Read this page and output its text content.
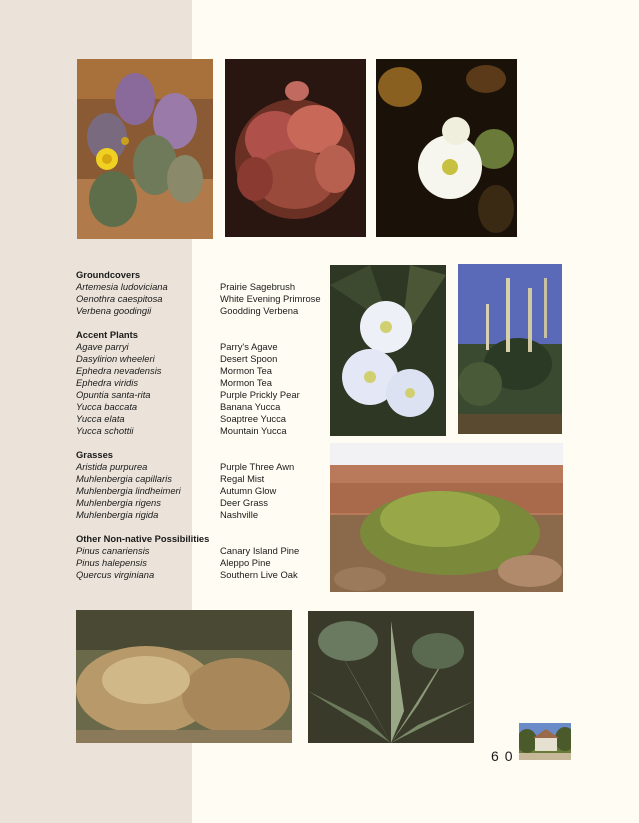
Groundcovers
Artemesia ludoviciana	Prairie Sagebrush
Oenothra caespitosa	White Evening Primrose
Verbena goodingii	Goodding Verbena
Accent Plants
Agave parryi	Parry's Agave
Dasylirion wheeleri	Desert Spoon
Ephedra nevadensis	Mormon Tea
Ephedra viridis	Mormon Tea
Opuntia santa-rita	Purple Prickly Pear
Yucca baccata	Banana Yucca
Yucca elata	Soaptree Yucca
Yucca schottii	Mountain Yucca
Grasses
Aristida purpurea	Purple Three Awn
Muhlenbergia capillaris	Regal Mist
Muhlenbergia lindheimeri	Autumn Glow
Muhlenbergia rigens	Deer Grass
Muhlenbergia rigida	Nashville
Other Non-native Possibilities
Pinus canariensis	Canary Island Pine
Pinus halepensis	Aleppo Pine
Quercus virginiana	Southern Live Oak
60
